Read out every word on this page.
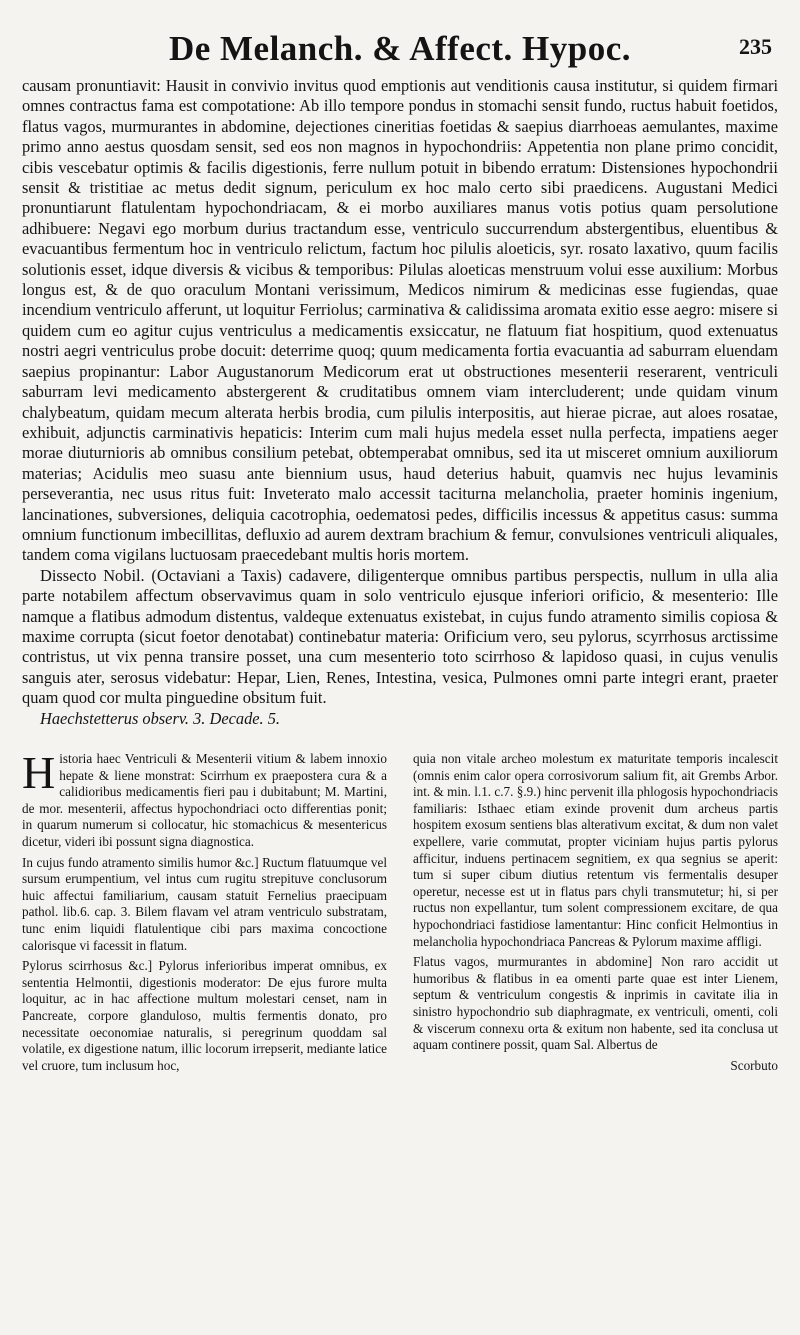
De Melanch. & Affect. Hypoc.	235

causam pronuntiavit: Hausit in convivio invitus quod emptionis aut venditionis causa institutur, si quidem firmari omnes contractus fama est compotatione: Ab illo tempore pondus in stomachi sensit fundo, ructus habuit foetidos, flatus vagos, murmurantes in abdomine, dejectiones cineritias foetidas & saepius diarrhoeas aemulantes, maxime primo anno aestus quosdam sensit, sed eos non magnos in hypochondriis: Appetentia non plane primo concidit, cibis vescebatur optimis & facilis digestionis, ferre nullum potuit in bibendo erratum: Distensiones hypochondrii sensit & tristitiae ac metus dedit signum, periculum ex hoc malo certo sibi praedicens. Augustani Medici pronuntiarunt flatulentam hypochondriacam, & ei morbo auxiliares manus votis potius quam persolutione adhibuere: Negavi ego morbum durius tractandum esse, ventriculo succurrendum abstergentibus, eluentibus & evacuantibus fermentum hoc in ventriculo relictum, factum hoc pilulis aloeticis, syr. rosato laxativo, quum facilis solutionis esset, idque diversis & vicibus & temporibus: Pilulas aloeticas menstruum volui esse auxilium: Morbus longus est, & de quo oraculum Montani verissimum, Medicos nimirum & medicinas esse fugiendas, quae incendium ventriculo afferunt, ut loquitur Ferriolus; carminativa & calidissima aromata exitio esse aegro: misere si quidem cum eo agitur cujus ventriculus a medicamentis exsiccatur, ne flatuum fiat hospitium, quod extenuatus nostri aegri ventriculus probe docuit: deterrime quoq; quum medicamenta fortia evacuantia ad saburram eluendam saepius propinantur: Labor Augustanorum Medicorum erat ut obstructiones mesenterii reserarent, ventriculi saburram levi medicamento abstergerent & cruditatibus omnem viam intercluderent; unde quidam vinum chalybeatum, quidam mecum alterata herbis brodia, cum pilulis interpositis, aut hierae picrae, aut aloes rosatae, exhibuit, adjunctis carminativis hepaticis: Interim cum mali hujus medela esset nulla perfecta, impatiens aeger morae diuturnioris ab omnibus consilium petebat, obtemperabat omnibus, sed ita ut misceret omnium auxiliorum materias; Acidulis meo suasu ante biennium usus, haud deterius habuit, quamvis nec hujus levaminis perseverantia, nec usus ritus fuit: Inveterato malo accessit taciturna melancholia, praeter hominis ingenium, lancinationes, subversiones, deliquia cacotrophia, oedematosi pedes, difficilis incessus & appetitus casus: summa omnium functionum imbecillitas, defluxio ad aurem dextram brachium & femur, convulsiones ventriculi aliquales, tandem coma vigilans luctuosam praecedebant multis horis mortem.

Dissecto Nobil. (Octaviani a Taxis) cadavere, diligenterque omnibus partibus perspectis, nullum in ulla alia parte notabilem affectum observavimus quam in solo ventriculo ejusque inferiori orificio, & mesenterio: Ille namque a flatibus admodum distentus, valdeque extenuatus existebat, in cujus fundo atramento similis copiosa & maxime corrupta (sicut foetor denotabat) continebatur materia: Orificium vero, seu pylorus, scyrrhosus arctissime contristus, ut vix penna transire posset, una cum mesenterio toto scirrhoso & lapidoso quasi, in cujus venulis sanguis ater, serosus videbatur: Hepar, Lien, Renes, Intestina, vesica, Pulmones omni parte integri erant, praeter quam quod cor multa pinguedine obsitum fuit.

Haechstetterus observ. 3. Decade. 5.

Historia haec Ventriculi & Mesenterii vitium & labem innoxio hepate & liene monstrat: Scirrhum ex praepostera cura & a calidioribus medicamentis fieri pau i dubitabunt; M. Martini, de mor. mesenterii, affectus hypochondriaci octo differentias ponit; in quarum numerum si collocatur, hic stomachicus & mesentericus dicetur, videri ibi possunt signa diagnostica.

In cujus fundo atramento similis humor &c.] Ructum flatuumque vel sursum erumpentium, vel intus cum rugitu strepituve conclusorum huic affectui familiarium, causam statuit Fernelius praecipuam pathol. lib.6. cap. 3. Bilem flavam vel atram ventriculo substratam, tunc enim liquidi flatulentique cibi pars maxima concoctione calorisque vi facessit in flatum.

Pylorus scirrhosus &c.] Pylorus inferioribus imperat omnibus, ex sententia Helmontii, digestionis moderator: De ejus furore multa loquitur, ac in hac affectione multum molestari censet, nam in Pancreate, corpore glanduloso, multis fermentis donato, pro necessitate oeconomiae naturalis, si peregrinum quoddam sal volatile, ex digestione natum, illic locorum irrepserit, mediante latice vel cruore, tum inclusum hoc,

quia non vitale archeo molestum ex maturitate temporis incalescit (omnis enim calor opera corrosivorum salium fit, ait Grembs Arbor. int. & min. l.1. c.7. §.9.) hinc pervenit illa phlogosis hypochondriacis familiaris: Isthaec etiam exinde provenit dum archeus partis hospitem exosum sentiens blas alterativum excitat, & dum non valet expellere, varie commutat, propter viciniam hujus partis pylorus afficitur, induens pertinacem segnitiem, ex qua segnius se aperit: tum si super cibum diutius retentum vis fermentalis desuper operetur, necesse est ut in flatus pars chyli transmutetur; hi, si per ructus non expellantur, tum solent compressionem excitare, de qua hypochondriaci fastidiose lamentantur: Hinc conficit Helmontius in melancholia hypochondriaca Pancreas & Pylorum maxime affligi.

Flatus vagos, murmurantes in abdomine] Non raro accidit ut humoribus & flatibus in ea omenti parte quae est inter Lienem, septum & ventriculum congestis & inprimis in cavitate ilia in sinistro hypochondrio sub diaphragmate, ex ventriculi, omenti, coli & viscerum connexu orta & exitum non habente, sed ita conclusa ut aquam continere possit, quam Sal. Albertus de

Scorbuto
